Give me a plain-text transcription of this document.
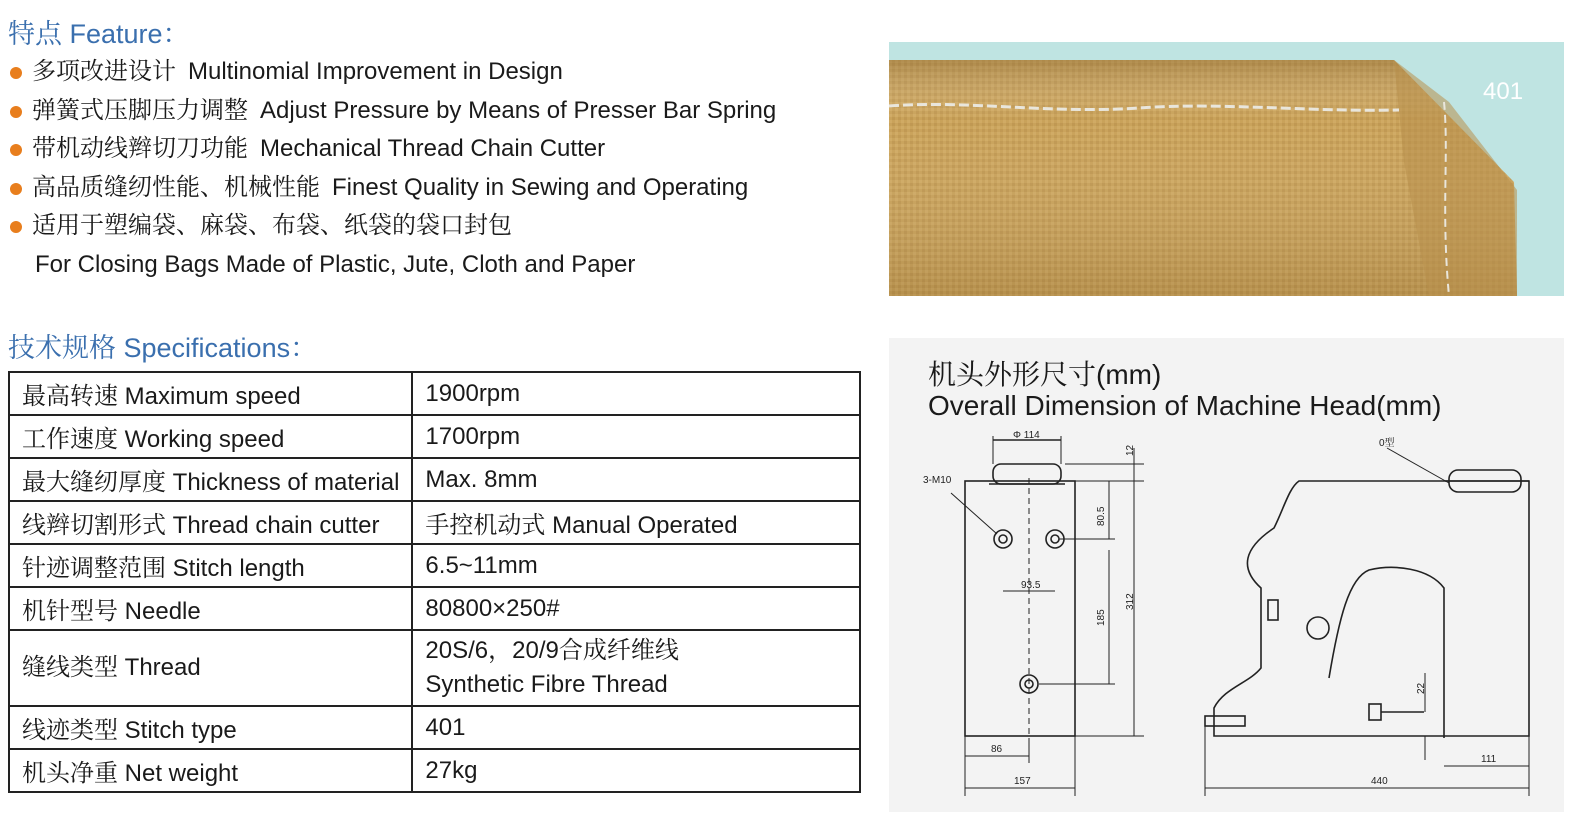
特点 Feature：
多项改进设计 Multinomial Improvement in Design
弹簧式压脚压力调整 Adjust Pressure by Means of Presser Bar Spring
带机动线辫切刀功能 Mechanical Thread Chain Cutter
高品质缝纫性能、机械性能 Finest Quality in Sewing and Operating
适用于塑编袋、麻袋、布袋、纸袋的袋口封包
For Closing Bags Made of Plastic, Jute, Cloth and Paper
技术规格 Specifications：
最高转速 Maximum speed	1900rpm
工作速度 Working speed	1700rpm
最大缝纫厚度 Thickness of material	Max. 8mm
线辫切割形式 Thread chain cutter	手控机动式 Manual Operated
针迹调整范围 Stitch length	6.5~11mm
机针型号 Needle	80800×250#
缝线类型 Thread	20S/6，20/9合成纤维线
Synthetic Fibre Thread

线迹类型 Stitch type	401
机头净重 Net weight	27kg
401
机头外形尺寸(mm)
Overall Dimension of Machine Head(mm)
Φ 114
12
3-M10
80.5
93.5
312
185
86
157
0型
22
111
440
